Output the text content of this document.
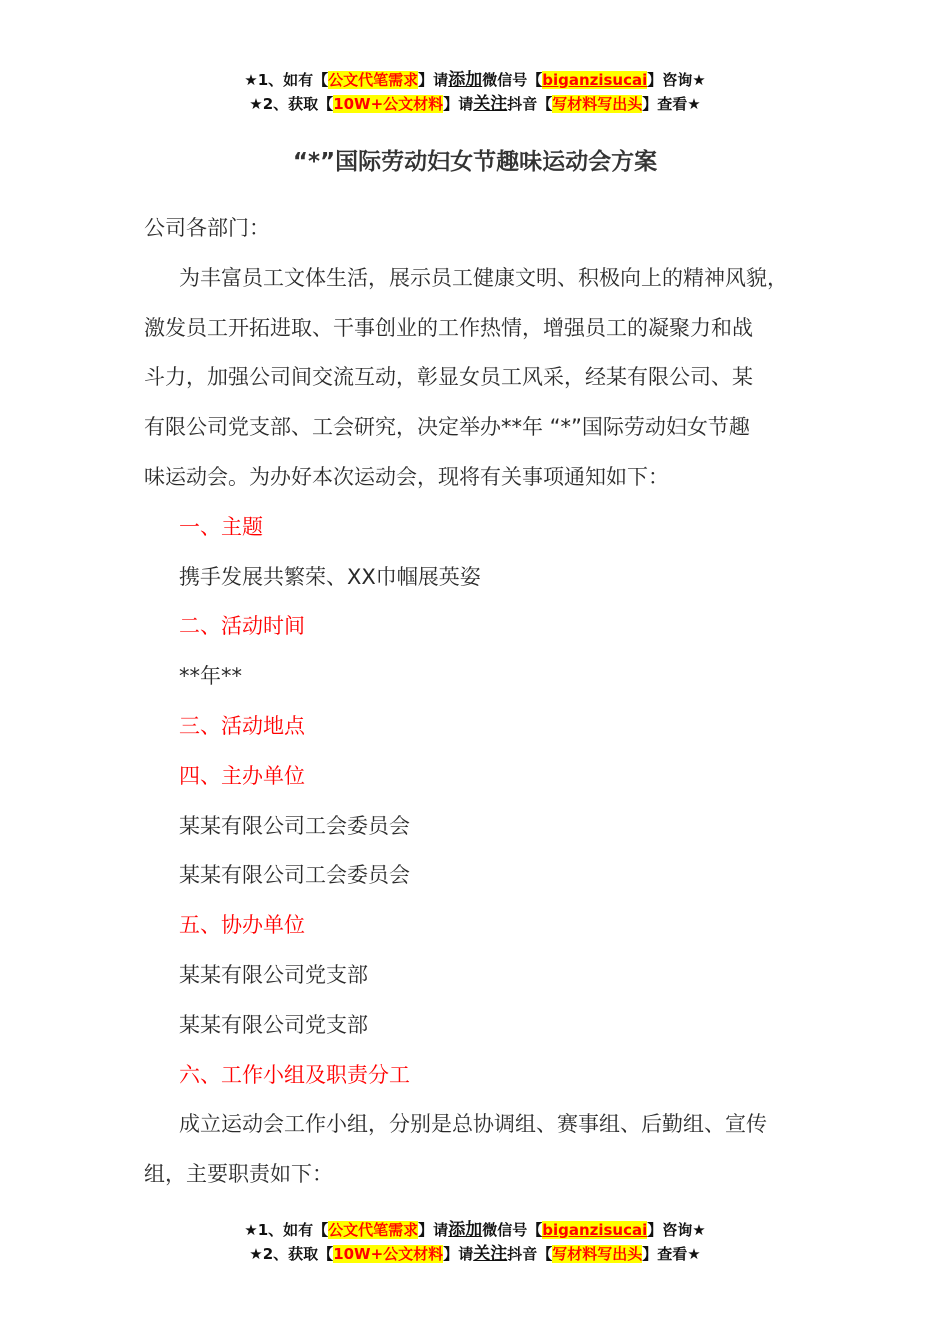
★1、如有【公文代笔需求】请添加微信号【biganzisucai】咨询★
★2、获取【10W+公文材料】请关注抖音【写材料写出头】查看★
“*”国际劳动妇女节趣味运动会方案

公司各部门：

为丰富员工文体生活，展示员工健康文明、积极向上的精神风貌，

激发员工开拓进取、干事创业的工作热情，增强员工的凝聚力和战

斗力，加强公司间交流互动，彰显女员工风采，经某有限公司、某

有限公司党支部、工会研究，决定举办**年 “*”国际劳动妇女节趣

味运动会。为办好本次运动会，现将有关事项通知如下：

一、主题

携手发展共繁荣、XX巾帼展英姿

二、活动时间

**年**

三、活动地点

四、主办单位

某某有限公司工会委员会

某某有限公司工会委员会

五、协办单位

某某有限公司党支部

某某有限公司党支部

六、工作小组及职责分工

成立运动会工作小组，分别是总协调组、赛事组、后勤组、宣传

组，主要职责如下：

★1、如有【公文代笔需求】请添加微信号【biganzisucai】咨询★
★2、获取【10W+公文材料】请关注抖音【写材料写出头】查看★
